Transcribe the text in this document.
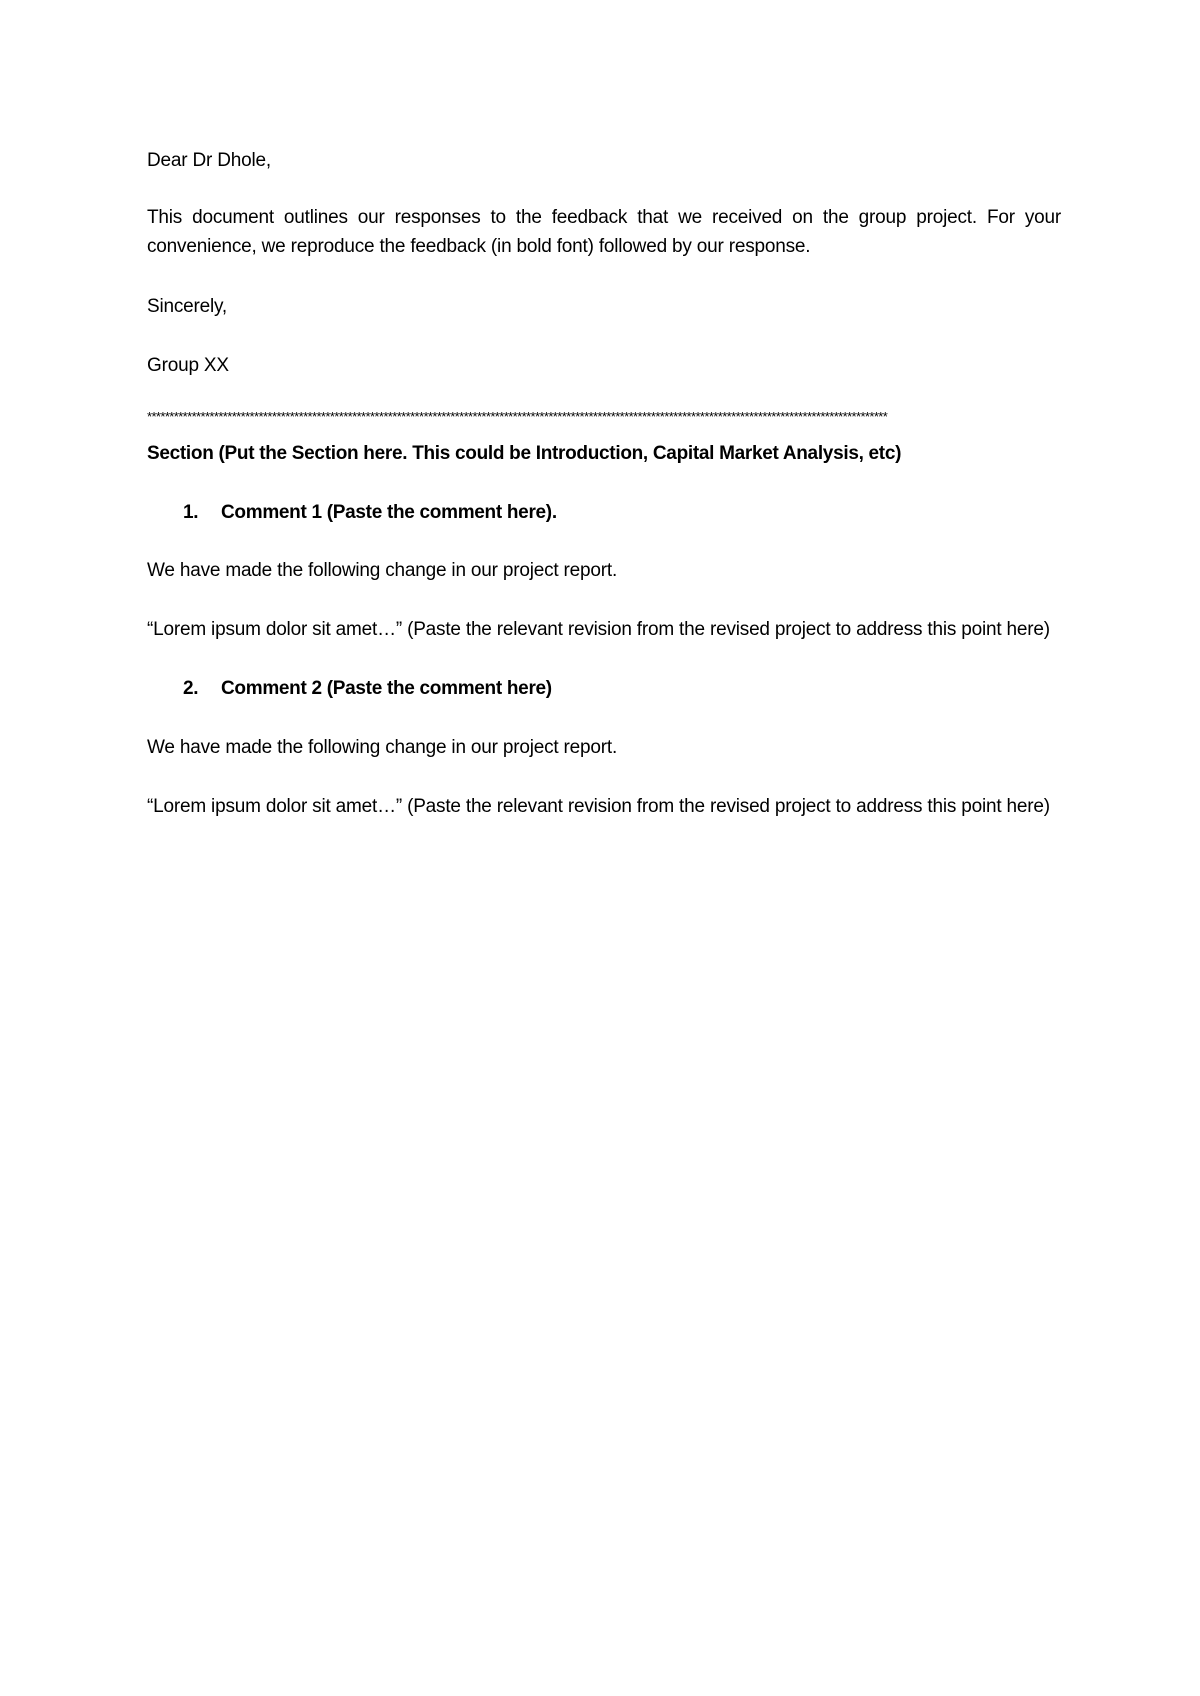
Dear Dr Dhole,
This document outlines our responses to the feedback that we received on the group project. For your convenience, we reproduce the feedback (in bold font) followed by our response.
Sincerely,
Group XX
**********************************************************************************************************************************************************************
Section (Put the Section here. This could be Introduction, Capital Market Analysis, etc)
1. Comment 1 (Paste the comment here).
We have made the following change in our project report.
“Lorem ipsum dolor sit amet…” (Paste the relevant revision from the revised project to address this point here)
2. Comment 2 (Paste the comment here)
We have made the following change in our project report.
“Lorem ipsum dolor sit amet…” (Paste the relevant revision from the revised project to address this point here)
